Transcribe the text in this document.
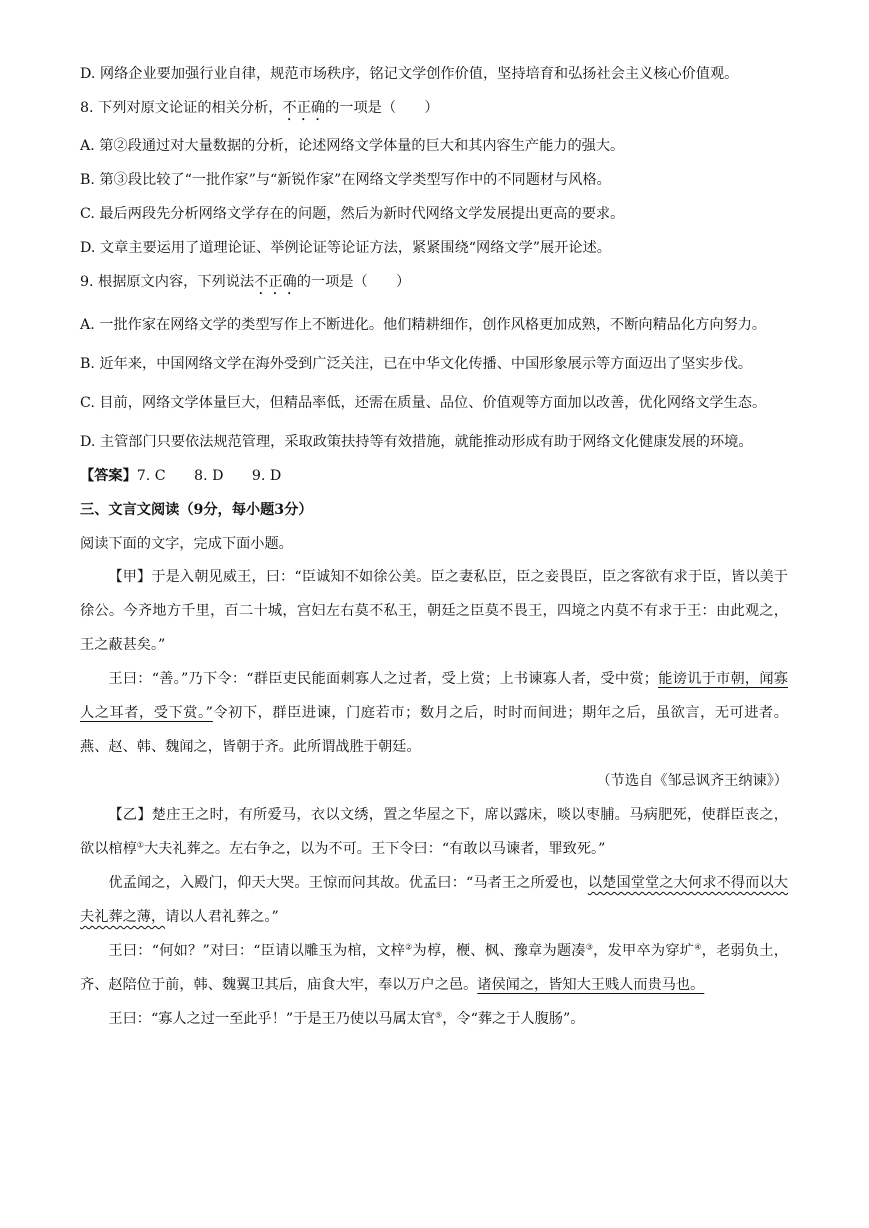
D. 网络企业要加强行业自律，规范市场秩序，铭记文学创作价值，坚持培育和弘扬社会主义核心价值观。
8. 下列对原文论证的相关分析，不正确的一项是（　　）
A. 第②段通过对大量数据的分析，论述网络文学体量的巨大和其内容生产能力的强大。
B. 第③段比较了“一批作家”与“新锐作家”在网络文学类型写作中的不同题材与风格。
C. 最后两段先分析网络文学存在的问题，然后为新时代网络文学发展提出更高的要求。
D. 文章主要运用了道理论证、举例论证等论证方法，紧紧围绕“网络文学”展开论述。
9. 根据原文内容，下列说法不正确的一项是（　　）
A. 一批作家在网络文学的类型写作上不断进化。他们精耕细作，创作风格更加成熟，不断向精品化方向努力。
B. 近年来，中国网络文学在海外受到广泛关注，已在中华文化传播、中国形象展示等方面迈出了坚实步伐。
C. 目前，网络文学体量巨大，但精品率低，还需在质量、品位、价值观等方面加以改善，优化网络文学生态。
D. 主管部门只要依法规范管理，采取政策扶持等有效措施，就能推动形成有助于网络文化健康发展的环境。
【答案】7. C　　8. D　　9. D
三、文言文阅读（9分，每小题3分）
阅读下面的文字，完成下面小题。

【甲】于是入朝见威王，曰：“臣诚知不如徐公美。臣之妻私臣，臣之妾畏臣，臣之客欲有求于臣，皆以美于徐公。今齐地方千里，百二十城，宫妇左右莫不私王，朝廷之臣莫不畏王，四境之内莫不有求于王：由此观之，王之蔽甚矣。”

王曰：“善。”乃下令：“群臣吏民能面刺寡人之过者，受上赏；上书谏寡人者，受中赏；能谤讥于市朝，闻寡人之耳者，受下赏。”令初下，群臣进谏，门庭若市；数月之后，时时而间进；期年之后，虽欲言，无可进者。燕、赵、韩、魏闻之，皆朝于齐。此所谓战胜于朝廷。

（节选自《邹忌讽齐王纳谏》）

【乙】楚庄王之时，有所爱马，衣以文绣，置之华屋之下，席以露床，啖以枣脯。马病肥死，使群臣丧之，欲以棺椁①大夫礼葬之。左右争之，以为不可。王下令曰：“有敢以马谏者，罪致死。”

优孟闻之，入殿门，仰天大哭。王惊而问其故。优孟曰：“马者王之所爱也，以楚国堂堂之大何求不得而以大夫礼葬之薄，请以人君礼葬之。”

王曰：“何如？”对曰：“臣请以雕玉为棺，文梓②为椁，楩、枫、豫章为题凑③，发甲卒为穿圹④，老弱负土，齐、赵陪位于前，韩、魏翼卫其后，庙食大牢，奉以万户之邑。诸侯闻之，皆知大王贱人而贵马也。

王曰：“寡人之过一至此乎！”于是王乃使以马属太官⑤，令“葬之于人腹肠”。
